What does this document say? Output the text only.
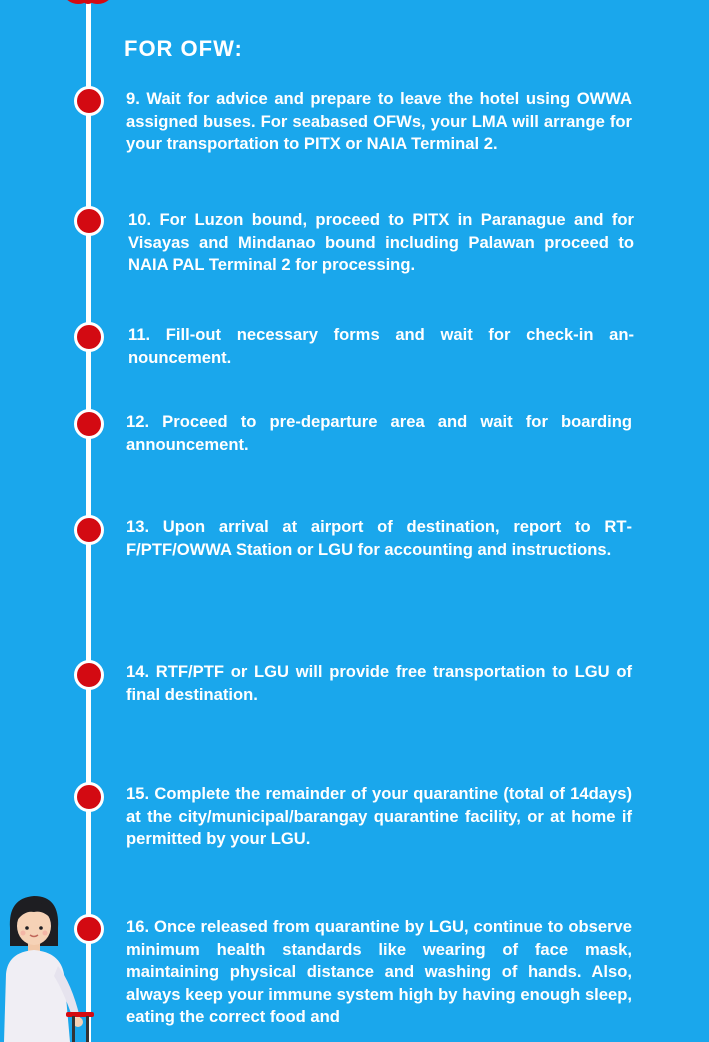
FOR OFW:
9. Wait for advice and prepare to leave the hotel using OWWA assigned buses. For seabased OFWs, your LMA will arrange for your transportation to PITX or NAIA Terminal 2.
10. For Luzon bound, proceed to PITX in Paranague and for Visayas and Mindanao bound including Palawan proceed to NAIA PAL Terminal 2 for processing.
11. Fill-out necessary forms and wait for check-in announcement.
12. Proceed to pre-departure area and wait for boarding announcement.
13. Upon arrival at airport of destination, report to RTF/PTF/OWWA Station or LGU for accounting and instructions.
14. RTF/PTF or LGU will provide free transportation to LGU of final destination.
15. Complete the remainder of your quarantine (total of 14days) at the city/municipal/barangay quarantine facility, or at home if permitted by your LGU.
16. Once released from quarantine by LGU, continue to observe minimum health standards like wearing of face mask, maintaining physical distance and washing of hands. Also, always keep your immune system high by having enough sleep, eating the correct food and
